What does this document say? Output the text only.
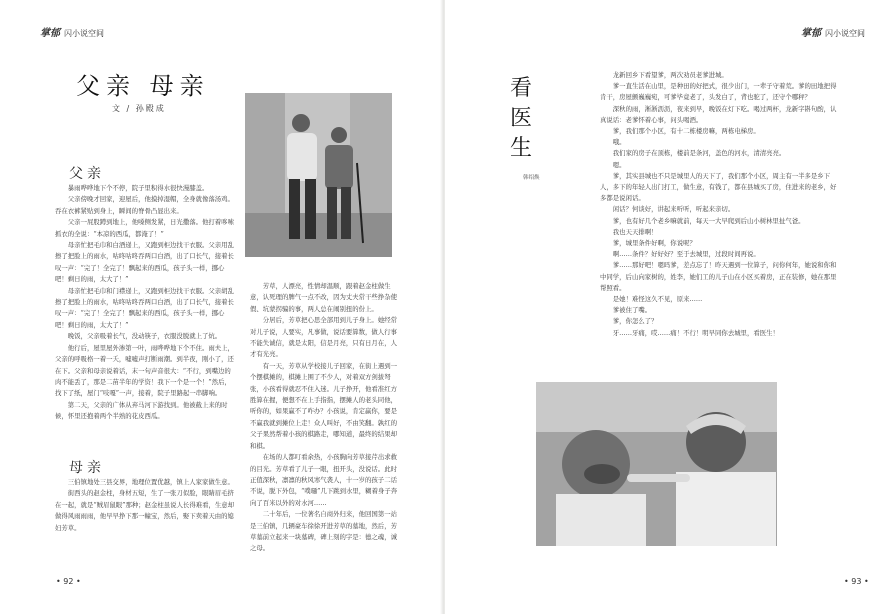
掌郁 闪小说空间
父亲 母亲
文 / 孙殿成
父亲

暴雨哗哗地下个不停，院子里积得水很快漫膝盖。

父亲傍晚才回家，迎屋后，他摸掉湿帽，全身就像落汤鸡。吞在衣裤紧贴到身上，瞬间的脊骨凸显出来。

父亲一屁股蹲到地上，他嗓侧发紧，日光撒落。他打着哆嗦抓衣的全说：“本凉的西瓜，都淹了！”

母亲忙把毛巾和白酒递上，又跑到柜边找干衣服。父亲用乱擦了把脸上的雨水，咕咚咕咚吞两口白酒，出了口长气，接着长叹一声：“完了！全完了！飘起来的西瓜，孩子头一样，挪心吧！剩日的雨，太大了！”

母亲忙把毛巾和门襟递上，又跑到柜边找干衣服。父亲胡乱擦了把脸上的雨水，咕咚咕咚吞两口白酒，出了口长气，接着长叹一声：“完了！全完了！飘起来的西瓜，孩子头一样，挪心吧！剩日的雨，太大了！”

晚饭，父亲吸着长气，没动筷子，衣服没脱就上了炕。

他行后，屋里屋外渗第一叶，雨哗哗地下个不住。雨夫上，父亲的呼吸格一着一夭，嘘嘘声打断雨潮。到半夜，刚小了，还在下。父亲和母亲说着话，末一句声音很大：“不行，到嘴边的肉不能丢了，那是二苗半年的学资！我下一个是一个！”然后，找下了纸，屋门“吱嘎”一声，接着，院子里路起一串脚响。

第二天，父亲的广体从弃马河下游找到。他被截上来的时候，怀里还抱着两个半熟的花皮西瓜。

母亲

三伯镇地处三县交界，地理位置优越，镇上人家家做生意。

街西头的赵金柱，身材五短，生了一张刀似脸，眼睛眉毛挤在一起，就是“贼眉鼠眼”那种；赵金柱虽说人长得难看，生意却做得风雨雨雨，他早早挣下那一幢宝，然后，娶下卖着天由的媳妇芳草。

芳草，人漂亮，性情却温顺，跟着赵金柱做生意，认死理的脾气一点不改，因为丈夫常干些挣杂使假、坑蒙拐骗的事，两人总在闹别扭的份上。

分居后，芳草把心思全部用到儿子身上。她经常对儿子说，人要实，凡事做，说话要算数，做人行事不能失诚信，就是太阳，信是月亮，只有日月在，人才有光亮。

有一天，芳草从学校接儿子回家，在街上遇到一个摆棋摊的，棋摊上围了不少人，对着双方剑拔弩张，小孩看得就忍不住入迷。儿子挣开，他看准红方胜算在握，便想不在上手指指，摆摊人的老头同他，听你的，如果赢不了咋办？小孩说，肯定赢你，要是不赢我就到摊位上走！众人叫好，不由笑翻。孰红的父子果然帮着小孩的棋路走，哪知道，最终的结果却和棋。

在场的人都叮看余热，小孩胸向芳草接芹出求救的目光。芳草看了儿子一眼，扭开头，没说话。此时正值深秋，凛凛的秋风寒气袭人，十一岁的孩子二话不说，脱下外包，“噗嗵”几下跳到水里，糊着身子奔向了百米以外的对水河……

二十年后，一位著名自商外归来，他回国第一站是三伯镇，几辆豪车徐徐开进芳草的墓地，然后，芳草墓前立起来一块墓碑，碑上刻的字是：德之魂，诚之母。

• 92 •
掌郁 闪小说空间
看
医
生
韩绍焕

龙新回乡下看望爹，两次劝员老爹进城。

爹一直生活在山里，是种田的好把式，很少出门，一辈子守着荒。爹的田地把得肯干，房屋颤巍巍宛，可爹毕竟老了，头发白了，背也驼了，还守个哪秤？

深秋的雨，淅淅沥沥，夜来到早，晚饭在灯下吃。喝过两杯，龙新字斟句酌，认真说话：老爹怀着心事，问头喝酒。

爹，我们那个小区，有十二栋楼房嘛，两栋电梯房。

哦。

我们家的房子在顶栋，楼前是条河，盖色的河水，清清亮亮。

嗯。

爹，其实县城也不只是城里人的天下了，我们那个小区，周主有一半多是乡下人，多下的年轻人出门打工，做生意，有钱了，都在县城买了房，住进来的老乡，好多都是说闲话。

闲话？何谈好，讲起来听听，听起来亲切。

爹，也有好几个老乡嘛就前，每天一大早爬到后山小树林里扯气爸。

我也天天排啊！

爹，城里条件好啊，你说呢？

啊……条件？好好好？至于去城里，过段时间再说。

爹……那好吧！嗯吗爹，差点忘了！昨天遇到一位算子，问你何年，她说和你和中同学，后山向家树的，姓李，她们工的儿子山在小区买着房，正在装修，她在那里帮照看。

是她！难怪这久不见，原来……

爹被住了嘴。

爹，你怎么了？

牙……牙痛，哎……痛！不行！明早同你去城里，看医生！

• 93 •
